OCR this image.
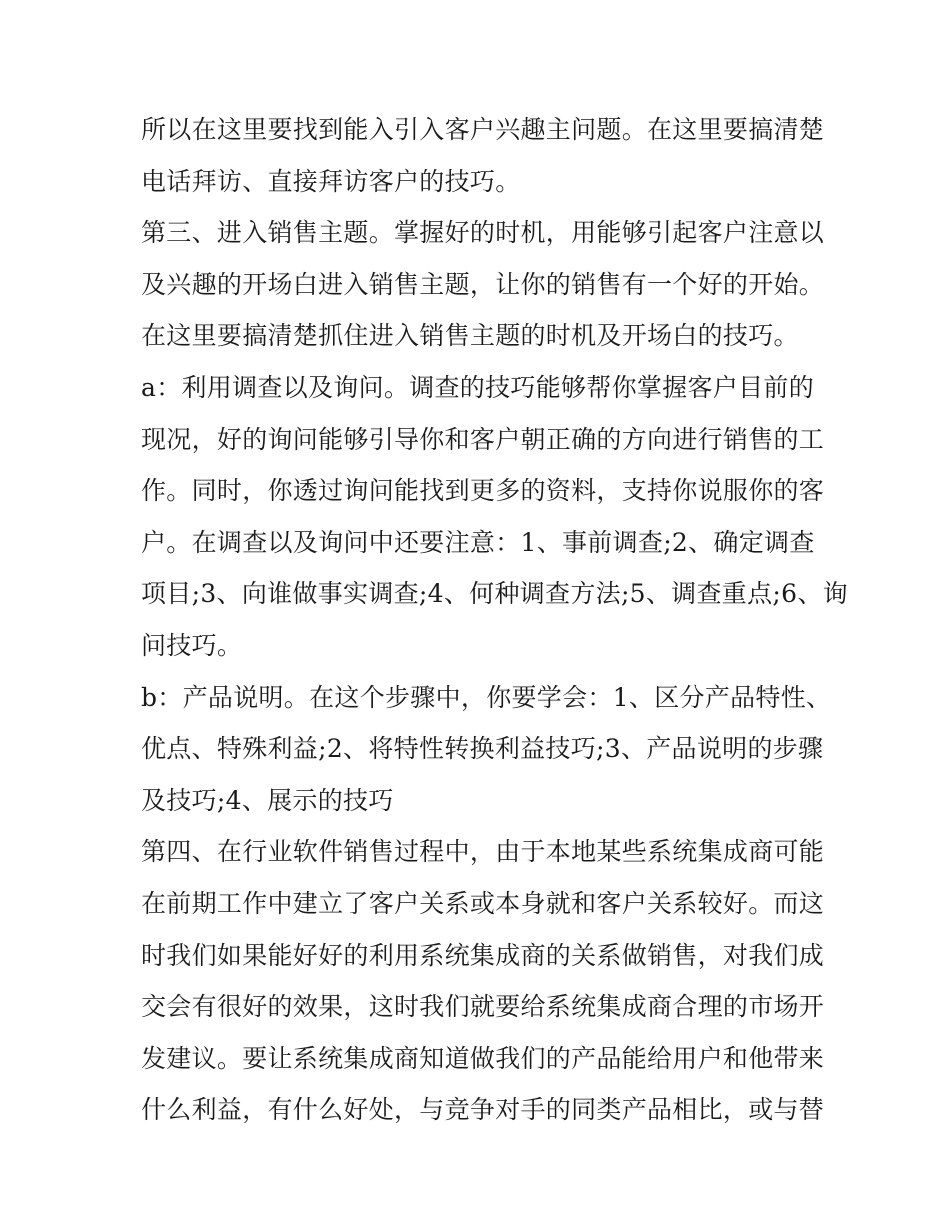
所以在这里要找到能入引入客户兴趣主问题。在这里要搞清楚
电话拜访、直接拜访客户的技巧。
第三、进入销售主题。掌握好的时机，用能够引起客户注意以
及兴趣的开场白进入销售主题，让你的销售有一个好的开始。
在这里要搞清楚抓住进入销售主题的时机及开场白的技巧。
a：利用调查以及询问。调查的技巧能够帮你掌握客户目前的
现况，好的询问能够引导你和客户朝正确的方向进行销售的工
作。同时，你透过询问能找到更多的资料，支持你说服你的客
户。在调查以及询问中还要注意：1、事前调查;2、确定调查
项目;3、向谁做事实调查;4、何种调查方法;5、调查重点;6、询
问技巧。
b：产品说明。在这个步骤中，你要学会：1、区分产品特性、
优点、特殊利益;2、将特性转换利益技巧;3、产品说明的步骤
及技巧;4、展示的技巧
第四、在行业软件销售过程中，由于本地某些系统集成商可能
在前期工作中建立了客户关系或本身就和客户关系较好。而这
时我们如果能好好的利用系统集成商的关系做销售，对我们成
交会有很好的效果，这时我们就要给系统集成商合理的市场开
发建议。要让系统集成商知道做我们的产品能给用户和他带来
什么利益，有什么好处，与竞争对手的同类产品相比，或与替
